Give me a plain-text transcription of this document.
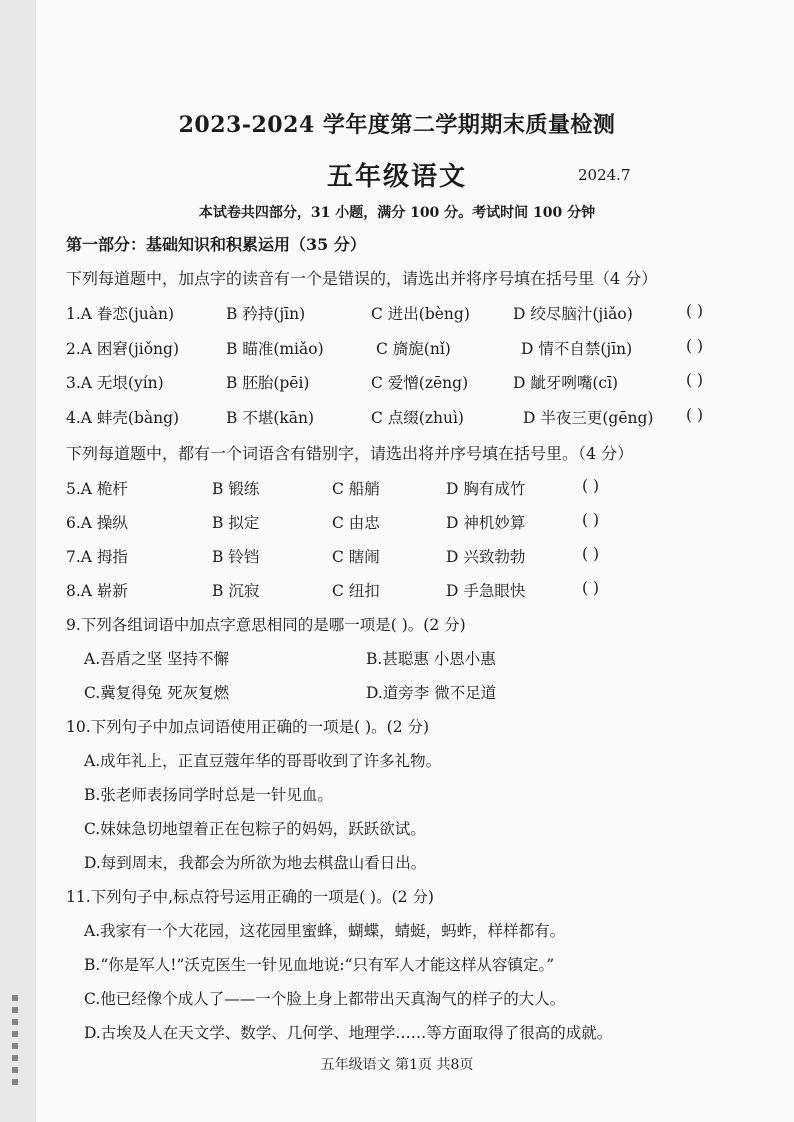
2023-2024 学年度第二学期期末质量检测
五年级语文	2024.7
本试卷共四部分，31 小题，满分 100 分。考试时间 100 分钟
第一部分：基础知识和积累运用（35 分）
下列每道题中，加点字的读音有一个是错误的，请选出并将序号填在括号里（4 分）
1.A 眷恋(juàn)	B 矜持(jīn)	C 迸出(bèng)	D 绞尽脑汁(jiǎo)	( )
2.A 困窘(jiǒng)	B 瞄准(miǎo)	C 旖旎(nǐ)	D 情不自禁(jīn)	( )
3.A 无垠(yín)	B 胚胎(pēi)	C 爱憎(zēng)	D 龇牙咧嘴(cī)	( )
4.A 蚌壳(bàng)	B 不堪(kān)	C 点缀(zhuì)	D 半夜三更(gēng) ( )
下列每道题中，都有一个词语含有错别字，请选出将并序号填在括号里。（4 分）
5.A 桅杆	B 锻练	C 船艄	D 胸有成竹	( )
6.A 操纵	B 拟定	C 由忠	D 神机妙算	( )
7.A 拇指	B 铃铛	C 瞎闹	D 兴致勃勃	( )
8.A 崭新	B 沉寂	C 纽扣	D 手急眼快	( )
9.下列各组词语中加点字意思相同的是哪一项是( )。(2 分)
A.吾盾之坚 坚持不懈	B.甚聪惠 小恩小惠
C.冀复得兔 死灰复燃	D.道旁李 微不足道
10.下列句子中加点词语使用正确的一项是( )。(2 分)
A.成年礼上，正直豆蔻年华的哥哥收到了许多礼物。
B.张老师表扬同学时总是一针见血。
C.妹妹急切地望着正在包粽子的妈妈，跃跃欲试。
D.每到周末，我都会为所欲为地去棋盘山看日出。
11.下列句子中,标点符号运用正确的一项是( )。(2 分)
A.我家有一个大花园，这花园里蜜蜂，蝴蝶，蜻蜓，蚂蚱，样样都有。
B.“你是军人!”沃克医生一针见血地说:“只有军人才能这样从容镇定。”
C.他已经像个成人了——一个脸上身上都带出天真淘气的样子的大人。
D.古埃及人在天文学、数学、几何学、地理学……等方面取得了很高的成就。
五年级语文 第1页 共8页
